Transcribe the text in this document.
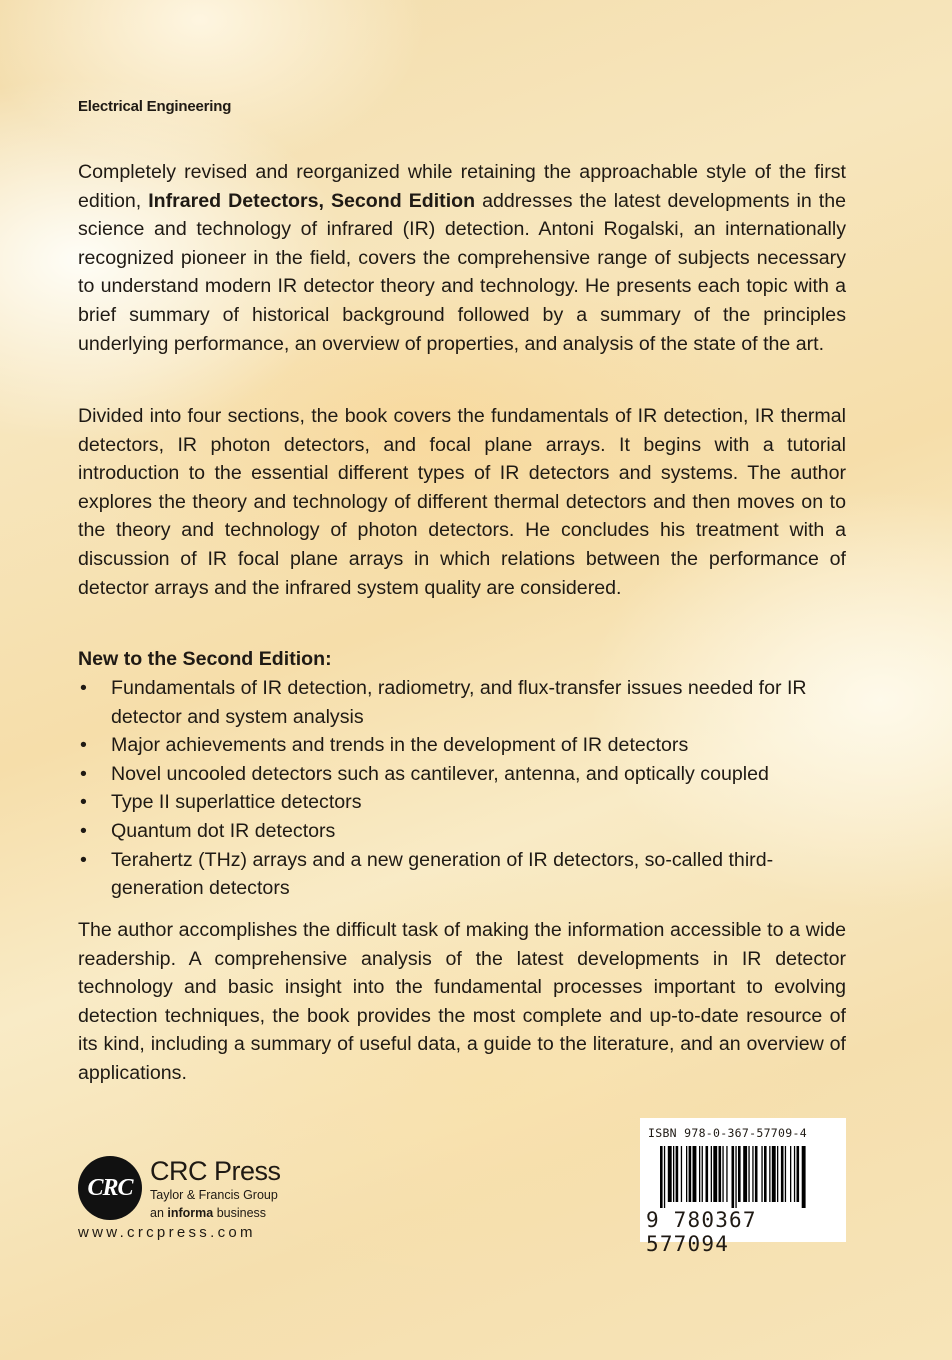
Electrical Engineering

Completely revised and reorganized while retaining the approachable style of the first edition, Infrared Detectors, Second Edition addresses the latest developments in the science and technology of infrared (IR) detection. Antoni Rogalski, an internationally recognized pioneer in the field, covers the comprehensive range of subjects necessary to understand modern IR detector theory and technology. He presents each topic with a brief summary of historical background followed by a summary of the principles underlying performance, an overview of properties, and analysis of the state of the art.

Divided into four sections, the book covers the fundamentals of IR detection, IR thermal detectors, IR photon detectors, and focal plane arrays. It begins with a tutorial introduction to the essential different types of IR detectors and systems. The author explores the theory and technology of different thermal detectors and then moves on to the theory and technology of photon detectors. He concludes his treatment with a discussion of IR focal plane arrays in which relations between the performance of detector arrays and the infrared system quality are considered.

New to the Second Edition:
• Fundamentals of IR detection, radiometry, and flux-transfer issues needed for IR detector and system analysis
• Major achievements and trends in the development of IR detectors
• Novel uncooled detectors such as cantilever, antenna, and optically coupled
• Type II superlattice detectors
• Quantum dot IR detectors
• Terahertz (THz) arrays and a new generation of IR detectors, so-called third-generation detectors

The author accomplishes the difficult task of making the information accessible to a wide readership. A comprehensive analysis of the latest developments in IR detector technology and basic insight into the fundamental processes important to evolving detection techniques, the book provides the most complete and up-to-date resource of its kind, including a summary of useful data, a guide to the literature, and an overview of applications.

CRC
CRC Press
Taylor & Francis Group
an informa business
www.crcpress.com
ISBN 978-0-367-57709-4
9 780367 577094
